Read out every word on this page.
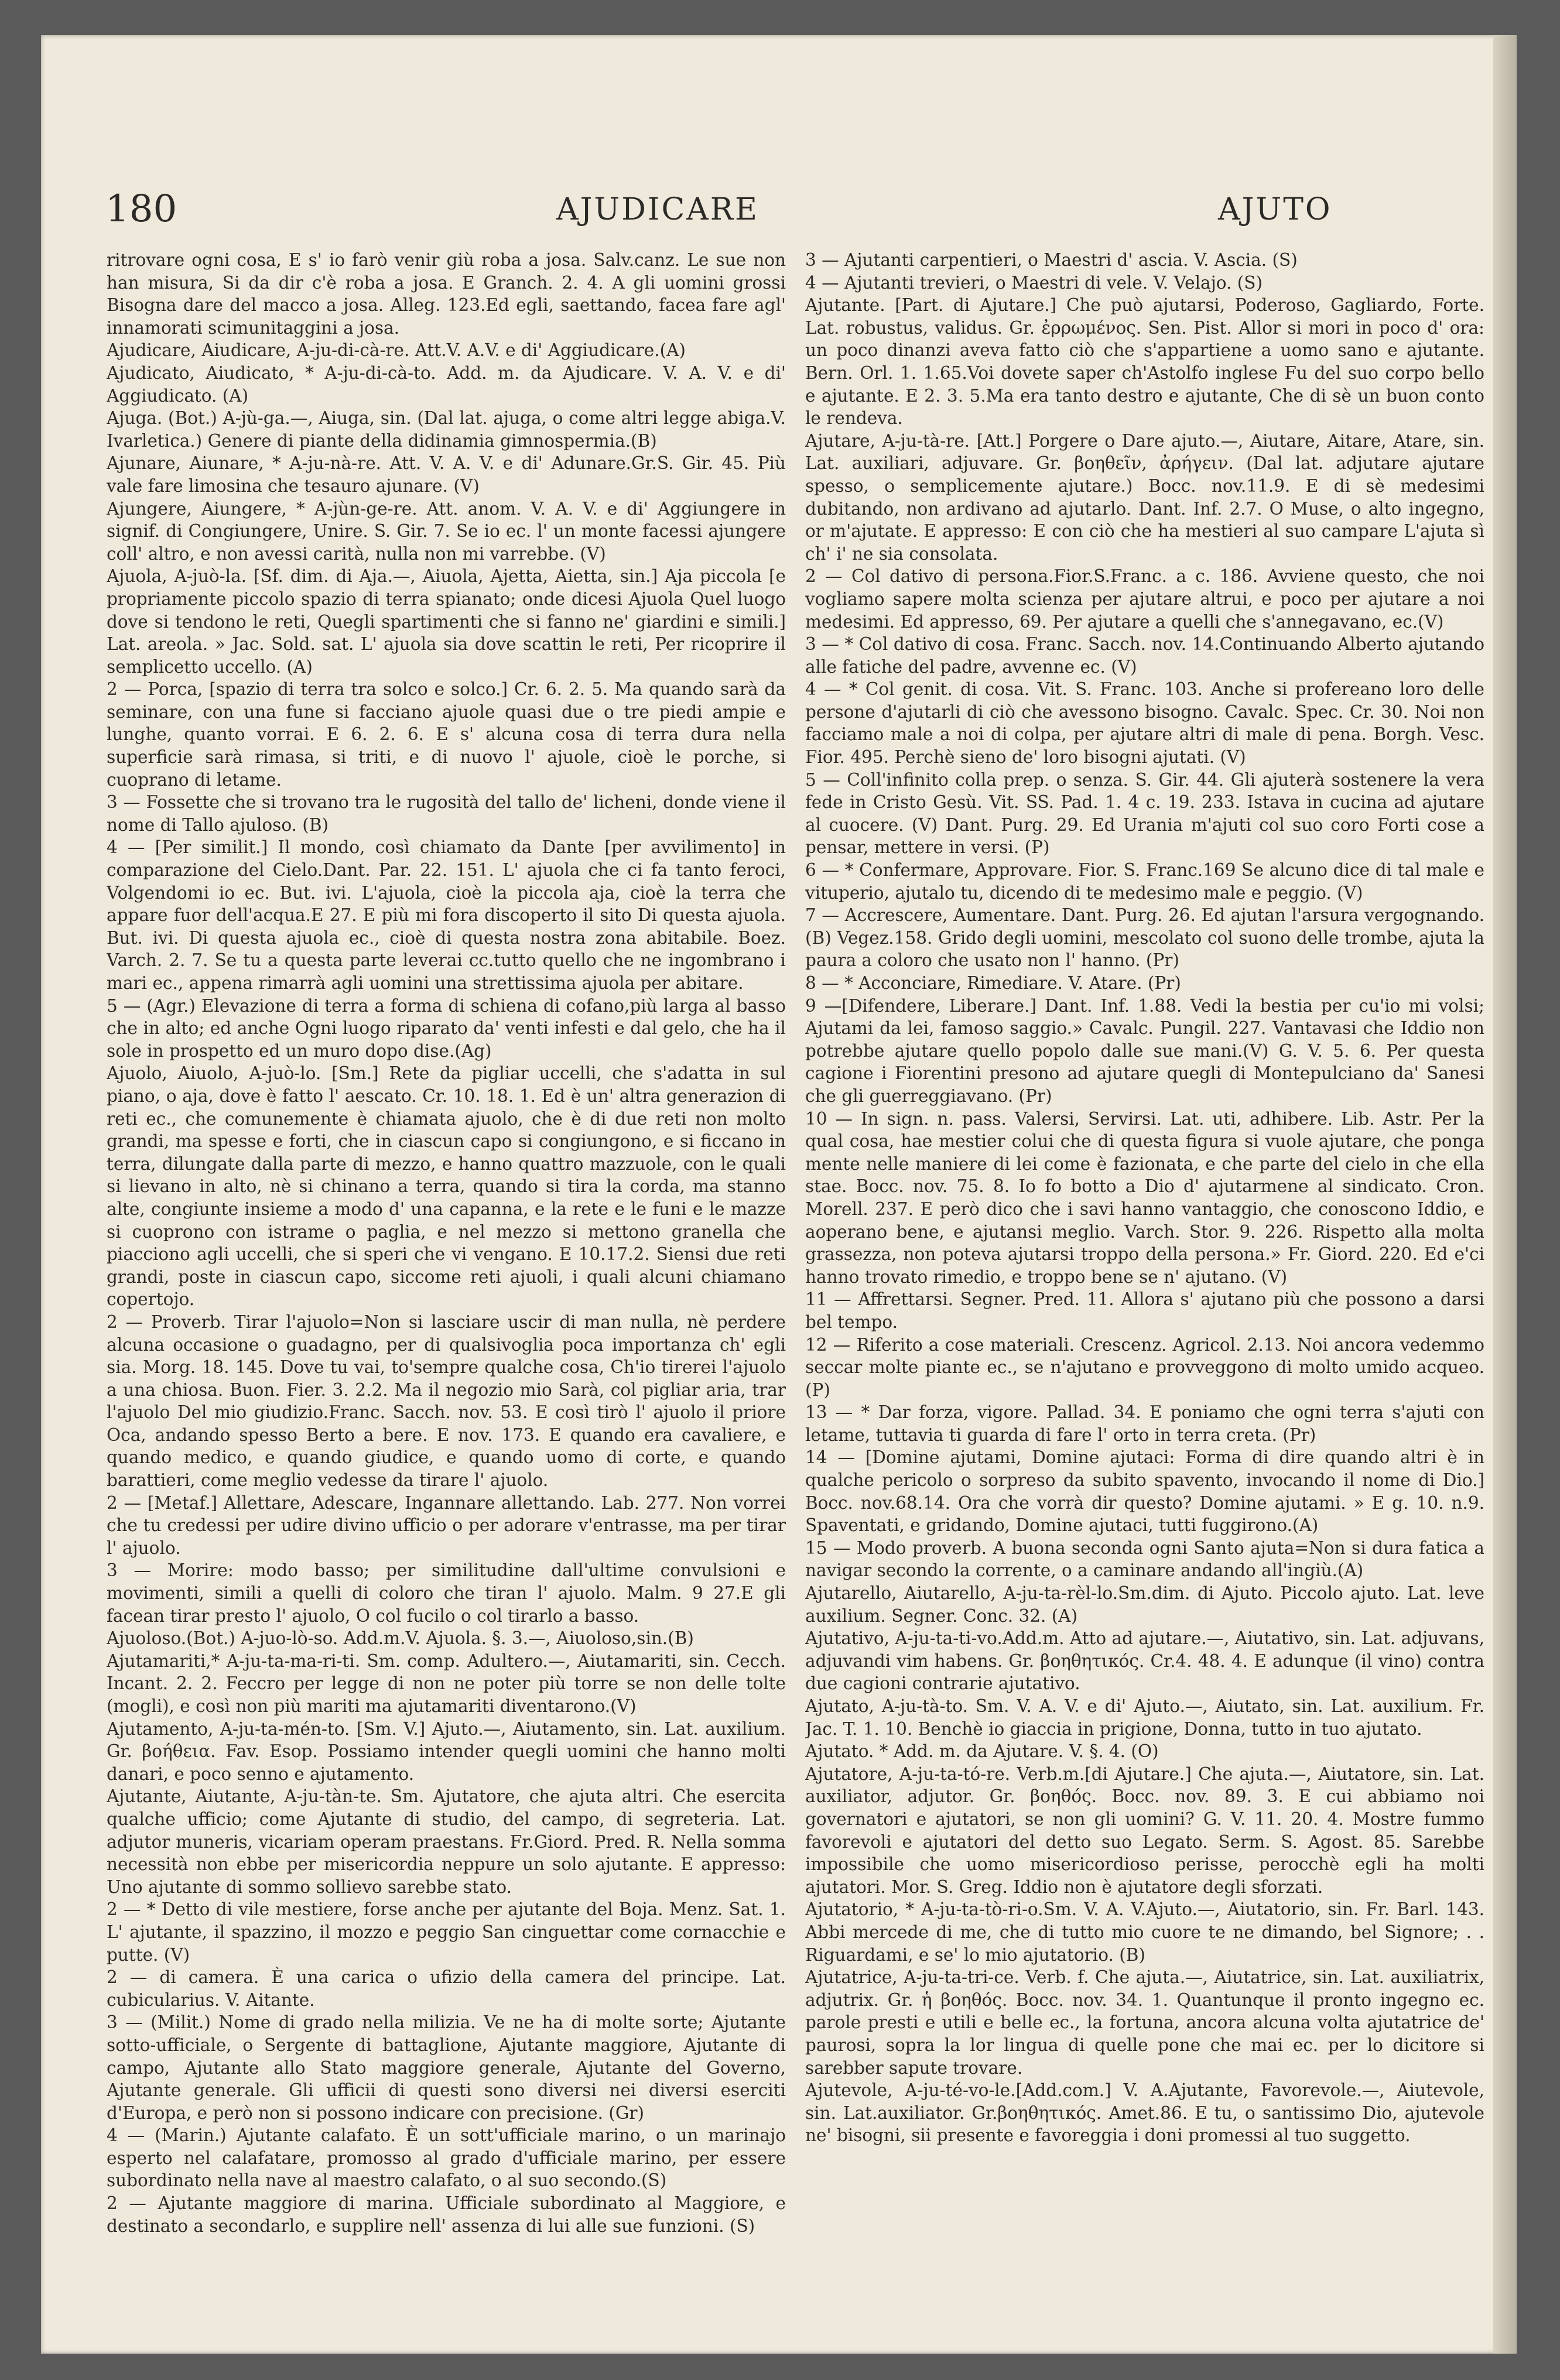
180	AJUDICARE	AJUTO

ritrovare ogni cosa, E s' io farò venir giù roba a josa. Salv.canz. Le sue non han misura, Si da dir c'è roba a josa. E Granch. 2. 4. A gli uomini grossi Bisogna dare del macco a josa. Alleg. 123.Ed egli, saettando, facea fare agl' innamorati scimunitaggini a josa.

Ajudicare, Aiudicare, A-ju-di-cà-re. Att.V. A.V. e di' Aggiudicare.(A)

Ajudicato, Aiudicato, * A-ju-di-cà-to. Add. m. da Ajudicare. V. A. V. e di' Aggiudicato. (A)

Ajuga. (Bot.) A-jù-ga.—, Aiuga, sin. (Dal lat. ajuga, o come altri legge abiga.V. Ivarletica.) Genere di piante della didinamia gimnospermia.(B)

Ajunare, Aiunare, * A-ju-nà-re. Att. V. A. V. e di' Adunare.Gr.S. Gir. 45. Più vale fare limosina che tesauro ajunare. (V)

Ajungere, Aiungere, * A-jùn-ge-re. Att. anom. V. A. V. e di' Aggiungere in signif. di Congiungere, Unire. S. Gir. 7. Se io ec. l' un monte facessi ajungere coll' altro, e non avessi carità, nulla non mi varrebbe. (V)

Ajuola, A-juò-la. [Sf. dim. di Aja.—, Aiuola, Ajetta, Aietta, sin.] Aja piccola [e propriamente piccolo spazio di terra spianato; onde dicesi Ajuola Quel luogo dove si tendono le reti, Quegli spartimenti che si fanno ne' giardini e simili.] Lat. areola. » Jac. Sold. sat. L' ajuola sia dove scattin le reti, Per ricoprire il semplicetto uccello. (A)

2 — Porca, [spazio di terra tra solco e solco.] Cr. 6. 2. 5. Ma quando sarà da seminare, con una fune si facciano ajuole quasi due o tre piedi ampie e lunghe, quanto vorrai. E 6. 2. 6. E s' alcuna cosa di terra dura nella superficie sarà rimasa, si triti, e di nuovo l' ajuole, cioè le porche, si cuoprano di letame.

3 — Fossette che si trovano tra le rugosità del tallo de' licheni, donde viene il nome di Tallo ajuloso. (B)

4 — [Per similit.] Il mondo, così chiamato da Dante [per avvilimento] in comparazione del Cielo.Dant. Par. 22. 151. L' ajuola che ci fa tanto feroci, Volgendomi io ec. But. ivi. L'ajuola, cioè la piccola aja, cioè la terra che appare fuor dell'acqua.E 27. E più mi fora discoperto il sito Di questa ajuola. But. ivi. Di questa ajuola ec., cioè di questa nostra zona abitabile. Boez. Varch. 2. 7. Se tu a questa parte leverai cc.tutto quello che ne ingombrano i mari ec., appena rimarrà agli uomini una strettissima ajuola per abitare.

5 — (Agr.) Elevazione di terra a forma di schiena di cofano,più larga al basso che in alto; ed anche Ogni luogo riparato da' venti infesti e dal gelo, che ha il sole in prospetto ed un muro dopo dise.(Ag)

Ajuolo, Aiuolo, A-juò-lo. [Sm.] Rete da pigliar uccelli, che s'adatta in sul piano, o aja, dove è fatto l' aescato. Cr. 10. 18. 1. Ed è un' altra generazion di reti ec., che comunemente è chiamata ajuolo, che è di due reti non molto grandi, ma spesse e forti, che in ciascun capo si congiungono, e si ficcano in terra, dilungate dalla parte di mezzo, e hanno quattro mazzuole, con le quali si lievano in alto, nè si chinano a terra, quando si tira la corda, ma stanno alte, congiunte insieme a modo d' una capanna, e la rete e le funi e le mazze si cuoprono con istrame o paglia, e nel mezzo si mettono granella che piacciono agli uccelli, che si speri che vi vengano. E 10.17.2. Siensi due reti grandi, poste in ciascun capo, siccome reti ajuoli, i quali alcuni chiamano copertojo.

2 — Proverb. Tirar l'ajuolo=Non si lasciare uscir di man nulla, nè perdere alcuna occasione o guadagno, per di qualsivoglia poca importanza ch' egli sia. Morg. 18. 145. Dove tu vai, to'sempre qualche cosa, Ch'io tirerei l'ajuolo a una chiosa. Buon. Fier. 3. 2.2. Ma il negozio mio Sarà, col pigliar aria, trar l'ajuolo Del mio giudizio.Franc. Sacch. nov. 53. E così tirò l' ajuolo il priore Oca, andando spesso Berto a bere. E nov. 173. E quando era cavaliere, e quando medico, e quando giudice, e quando uomo di corte, e quando barattieri, come meglio vedesse da tirare l' ajuolo.

2 — [Metaf.] Allettare, Adescare, Ingannare allettando. Lab. 277. Non vorrei che tu credessi per udire divino ufficio o per adorare v'entrasse, ma per tirar l' ajuolo.

3 — Morire: modo basso; per similitudine dall'ultime convulsioni e movimenti, simili a quelli di coloro che tiran l' ajuolo. Malm. 9 27.E gli facean tirar presto l' ajuolo, O col fucilo o col tirarlo a basso.

Ajuoloso.(Bot.) A-juo-lò-so. Add.m.V. Ajuola. §. 3.—, Aiuoloso,sin.(B)

Ajutamariti,* A-ju-ta-ma-ri-ti. Sm. comp. Adultero.—, Aiutamariti, sin. Cecch. Incant. 2. 2. Feccro per legge di non ne poter più torre se non delle tolte (mogli), e così non più mariti ma ajutamariti diventarono.(V)

Ajutamento, A-ju-ta-mén-to. [Sm. V.] Ajuto.—, Aiutamento, sin. Lat. auxilium. Gr. βοήθεια. Fav. Esop. Possiamo intender quegli uomini che hanno molti danari, e poco senno e ajutamento.

Ajutante, Aiutante, A-ju-tàn-te. Sm. Ajutatore, che ajuta altri. Che esercita qualche ufficio; come Ajutante di studio, del campo, di segreteria. Lat. adjutor muneris, vicariam operam praestans. Fr.Giord. Pred. R. Nella somma necessità non ebbe per misericordia neppure un solo ajutante. E appresso: Uno ajutante di sommo sollievo sarebbe stato.

2 — * Detto di vile mestiere, forse anche per ajutante del Boja. Menz. Sat. 1. L' ajutante, il spazzino, il mozzo e peggio San cinguettar come cornacchie e putte. (V)

2 — di camera. È una carica o ufizio della camera del principe. Lat. cubicularius. V. Aitante.

3 — (Milit.) Nome di grado nella milizia. Ve ne ha di molte sorte; Ajutante sotto-ufficiale, o Sergente di battaglione, Ajutante maggiore, Ajutante di campo, Ajutante allo Stato maggiore generale, Ajutante del Governo, Ajutante generale. Gli ufficii di questi sono diversi nei diversi eserciti d'Europa, e però non si possono indicare con precisione. (Gr)

4 — (Marin.) Ajutante calafato. È un sott'ufficiale marino, o un marinajo esperto nel calafatare, promosso al grado d'ufficiale marino, per essere subordinato nella nave al maestro calafato, o al suo secondo.(S)

2 — Ajutante maggiore di marina. Ufficiale subordinato al Maggiore, e destinato a secondarlo, e supplire nell' assenza di lui alle sue funzioni. (S)

3 — Ajutanti carpentieri, o Maestri d' ascia. V. Ascia. (S)

4 — Ajutanti trevieri, o Maestri di vele. V. Velajo. (S)

Ajutante. [Part. di Ajutare.] Che può ajutarsi, Poderoso, Gagliardo, Forte. Lat. robustus, validus. Gr. ἐρρωμένος. Sen. Pist. Allor si mori in poco d' ora: un poco dinanzi aveva fatto ciò che s'appartiene a uomo sano e ajutante. Bern. Orl. 1. 1.65.Voi dovete saper ch'Astolfo inglese Fu del suo corpo bello e ajutante. E 2. 3. 5.Ma era tanto destro e ajutante, Che di sè un buon conto le rendeva.

Ajutare, A-ju-tà-re. [Att.] Porgere o Dare ajuto.—, Aiutare, Aitare, Atare, sin. Lat. auxiliari, adjuvare. Gr. βοηθεῖν, ἀρήγειν. (Dal lat. adjutare ajutare spesso, o semplicemente ajutare.) Bocc. nov.11.9. E di sè medesimi dubitando, non ardivano ad ajutarlo. Dant. Inf. 2.7. O Muse, o alto ingegno, or m'ajutate. E appresso: E con ciò che ha mestieri al suo campare L'ajuta sì ch' i' ne sia consolata.

2 — Col dativo di persona.Fior.S.Franc. a c. 186. Avviene questo, che noi vogliamo sapere molta scienza per ajutare altrui, e poco per ajutare a noi medesimi. Ed appresso, 69. Per ajutare a quelli che s'annegavano, ec.(V)

3 — * Col dativo di cosa. Franc. Sacch. nov. 14.Continuando Alberto ajutando alle fatiche del padre, avvenne ec. (V)

4 — * Col genit. di cosa. Vit. S. Franc. 103. Anche si profereano loro delle persone d'ajutarli di ciò che avessono bisogno. Cavalc. Spec. Cr. 30. Noi non facciamo male a noi di colpa, per ajutare altri di male di pena. Borgh. Vesc. Fior. 495. Perchè sieno de' loro bisogni ajutati. (V)

5 — Coll'infinito colla prep. o senza. S. Gir. 44. Gli ajuterà sostenere la vera fede in Cristo Gesù. Vit. SS. Pad. 1. 4 c. 19. 233. Istava in cucina ad ajutare al cuocere. (V) Dant. Purg. 29. Ed Urania m'ajuti col suo coro Forti cose a pensar, mettere in versi. (P)

6 — * Confermare, Approvare. Fior. S. Franc.169 Se alcuno dice di tal male e vituperio, ajutalo tu, dicendo di te medesimo male e peggio. (V)

7 — Accrescere, Aumentare. Dant. Purg. 26. Ed ajutan l'arsura vergognando.(B) Vegez.158. Grido degli uomini, mescolato col suono delle trombe, ajuta la paura a coloro che usato non l' hanno. (Pr)

8 — * Acconciare, Rimediare. V. Atare. (Pr)

9 —[Difendere, Liberare.] Dant. Inf. 1.88. Vedi la bestia per cu'io mi volsi; Ajutami da lei, famoso saggio.» Cavalc. Pungil. 227. Vantavasi che Iddio non potrebbe ajutare quello popolo dalle sue mani.(V) G. V. 5. 6. Per questa cagione i Fiorentini presono ad ajutare quegli di Montepulciano da' Sanesi che gli guerreggiavano. (Pr)

10 — In sign. n. pass. Valersi, Servirsi. Lat. uti, adhibere. Lib. Astr. Per la qual cosa, hae mestier colui che di questa figura si vuole ajutare, che ponga mente nelle maniere di lei come è fazionata, e che parte del cielo in che ella stae. Bocc. nov. 75. 8. Io fo botto a Dio d' ajutarmene al sindicato. Cron. Morell. 237. E però dico che i savi hanno vantaggio, che conoscono Iddio, e aoperano bene, e ajutansi meglio. Varch. Stor. 9. 226. Rispetto alla molta grassezza, non poteva ajutarsi troppo della persona.» Fr. Giord. 220. Ed e'ci hanno trovato rimedio, e troppo bene se n' ajutano. (V)

11 — Affrettarsi. Segner. Pred. 11. Allora s' ajutano più che possono a darsi bel tempo.

12 — Riferito a cose materiali. Crescenz. Agricol. 2.13. Noi ancora vedemmo seccar molte piante ec., se n'ajutano e provveggono di molto umido acqueo. (P)

13 — * Dar forza, vigore. Pallad. 34. E poniamo che ogni terra s'ajuti con letame, tuttavia ti guarda di fare l' orto in terra creta. (Pr)

14 — [Domine ajutami, Domine ajutaci: Forma di dire quando altri è in qualche pericolo o sorpreso da subito spavento, invocando il nome di Dio.] Bocc. nov.68.14. Ora che vorrà dir questo? Domine ajutami. » E g. 10. n.9. Spaventati, e gridando, Domine ajutaci, tutti fuggirono.(A)

15 — Modo proverb. A buona seconda ogni Santo ajuta=Non si dura fatica a navigar secondo la corrente, o a caminare andando all'ingiù.(A)

Ajutarello, Aiutarello, A-ju-ta-rèl-lo.Sm.dim. di Ajuto. Piccolo ajuto. Lat. leve auxilium. Segner. Conc. 32. (A)

Ajutativo, A-ju-ta-ti-vo.Add.m. Atto ad ajutare.—, Aiutativo, sin. Lat. adjuvans, adjuvandi vim habens. Gr. βοηθητικός. Cr.4. 48. 4. E adunque (il vino) contra due cagioni contrarie ajutativo.

Ajutato, A-ju-tà-to. Sm. V. A. V. e di' Ajuto.—, Aiutato, sin. Lat. auxilium. Fr. Jac. T. 1. 10. Benchè io giaccia in prigione, Donna, tutto in tuo ajutato.

Ajutato. * Add. m. da Ajutare. V. §. 4. (O)

Ajutatore, A-ju-ta-tó-re. Verb.m.[di Ajutare.] Che ajuta.—, Aiutatore, sin. Lat. auxiliator, adjutor. Gr. βοηθός. Bocc. nov. 89. 3. E cui abbiamo noi governatori e ajutatori, se non gli uomini? G. V. 11. 20. 4. Mostre fummo favorevoli e ajutatori del detto suo Legato. Serm. S. Agost. 85. Sarebbe impossibile che uomo misericordioso perisse, perocchè egli ha molti ajutatori. Mor. S. Greg. Iddio non è ajutatore degli sforzati.

Ajutatorio, * A-ju-ta-tò-ri-o.Sm. V. A. V.Ajuto.—, Aiutatorio, sin. Fr. Barl. 143. Abbi mercede di me, che di tutto mio cuore te ne dimando, bel Signore; . . Riguardami, e se' lo mio ajutatorio. (B)

Ajutatrice, A-ju-ta-tri-ce. Verb. f. Che ajuta.—, Aiutatrice, sin. Lat. auxiliatrix, adjutrix. Gr. ἡ βοηθός. Bocc. nov. 34. 1. Quantunque il pronto ingegno ec. parole presti e utili e belle ec., la fortuna, ancora alcuna volta ajutatrice de' paurosi, sopra la lor lingua di quelle pone che mai ec. per lo dicitore si sarebber sapute trovare.

Ajutevole, A-ju-té-vo-le.[Add.com.] V. A.Ajutante, Favorevole.—, Aiutevole, sin. Lat.auxiliator. Gr.βοηθητικός. Amet.86. E tu, o santissimo Dio, ajutevole ne' bisogni, sii presente e favoreggia i doni promessi al tuo suggetto.
